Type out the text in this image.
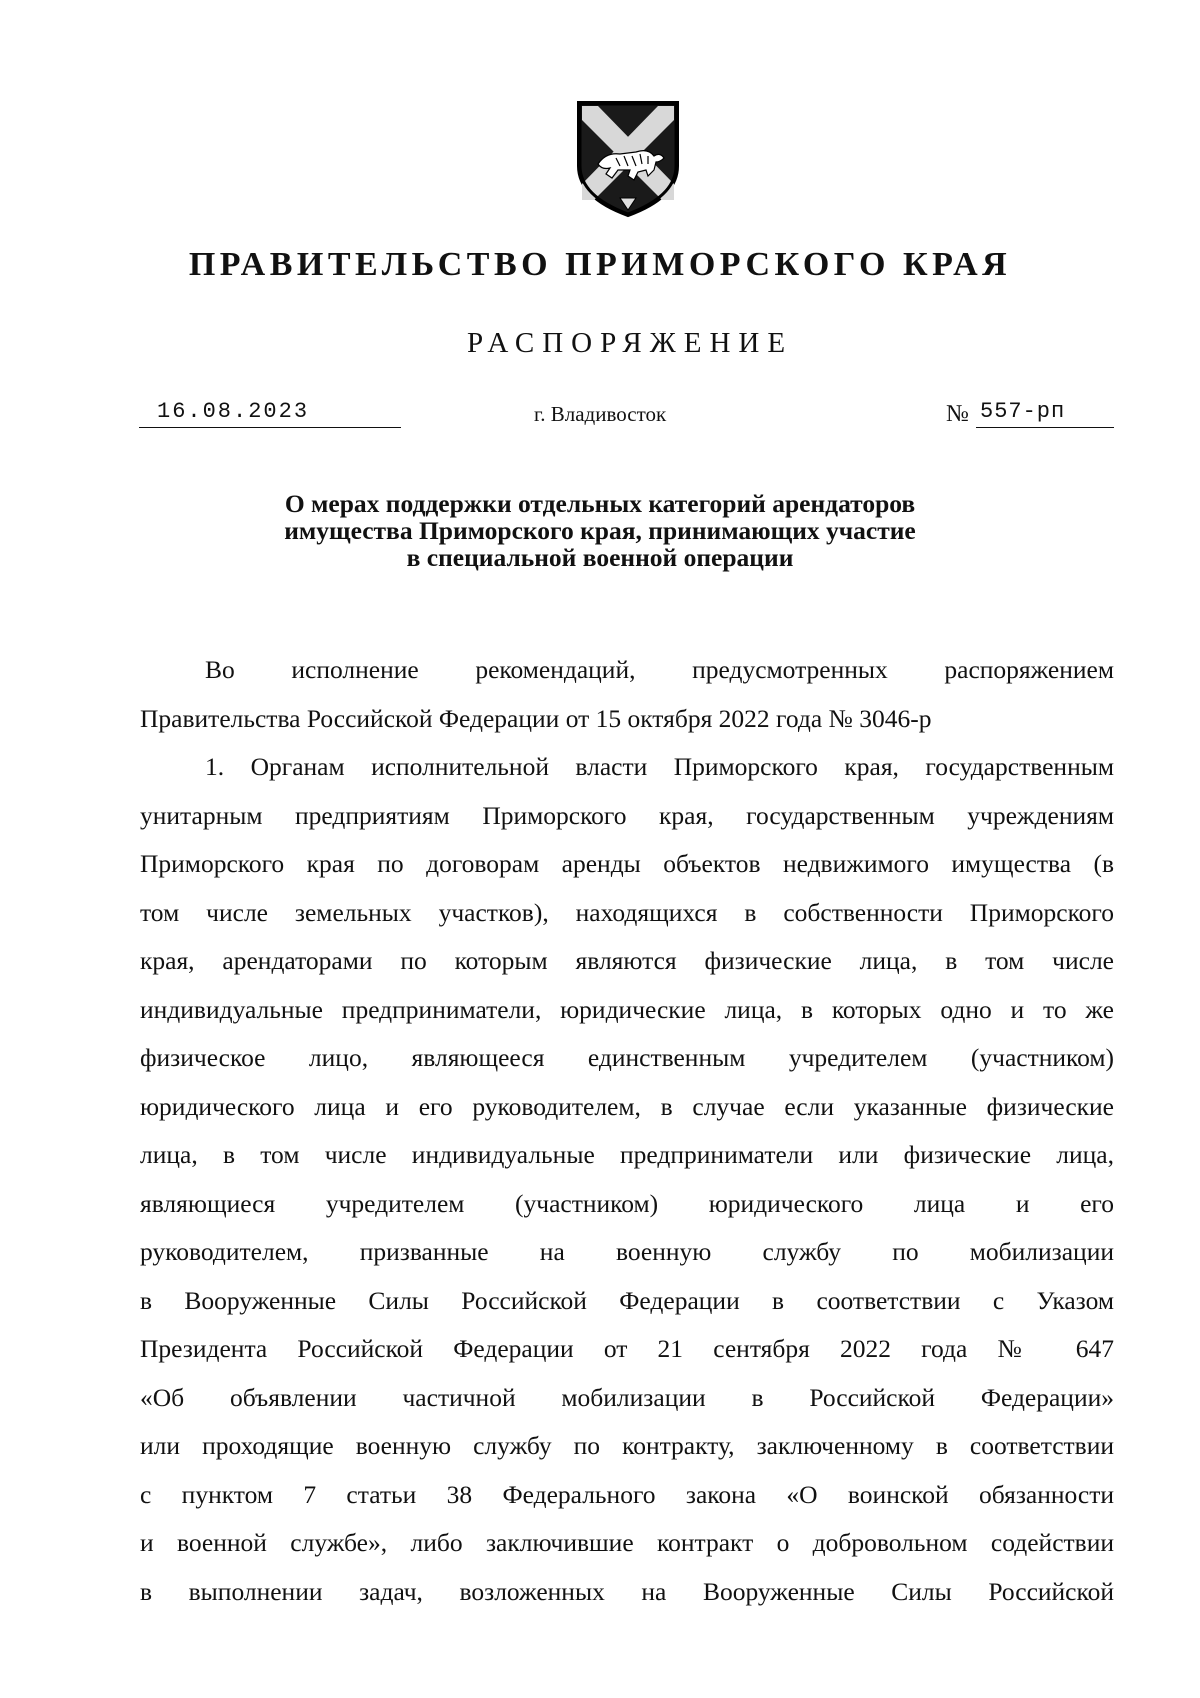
ПРАВИТЕЛЬСТВО ПРИМОРСКОГО КРАЯ
РАСПОРЯЖЕНИЕ
16.08.2023	г. Владивосток	№ 557-рп
О мерах поддержки отдельных категорий арендаторов
имущества Приморского края, принимающих участие
в специальной военной операции
Во исполнение рекомендаций, предусмотренных распоряжением
Правительства Российской Федерации от 15 октября 2022 года № 3046-р
1. Органам исполнительной власти Приморского края, государственным
унитарным предприятиям Приморского края, государственным учреждениям
Приморского края по договорам аренды объектов недвижимого имущества (в
том числе земельных участков), находящихся в собственности Приморского
края, арендаторами по которым являются физические лица, в том числе
индивидуальные предприниматели, юридические лица, в которых одно и то же
физическое лицо, являющееся единственным учредителем (участником)
юридического лица и его руководителем, в случае если указанные физические
лица, в том числе индивидуальные предприниматели или физические лица,
являющиеся учредителем (участником) юридического лица и его
руководителем, призванные на военную службу по мобилизации
в Вооруженные Силы Российской Федерации в соответствии с Указом
Президента Российской Федерации от 21 сентября 2022 года № 647
«Об объявлении частичной мобилизации в Российской Федерации»
или проходящие военную службу по контракту, заключенному в соответствии
с пунктом 7 статьи 38 Федерального закона «О воинской обязанности
и военной службе», либо заключившие контракт о добровольном содействии
в выполнении задач, возложенных на Вооруженные Силы Российской
